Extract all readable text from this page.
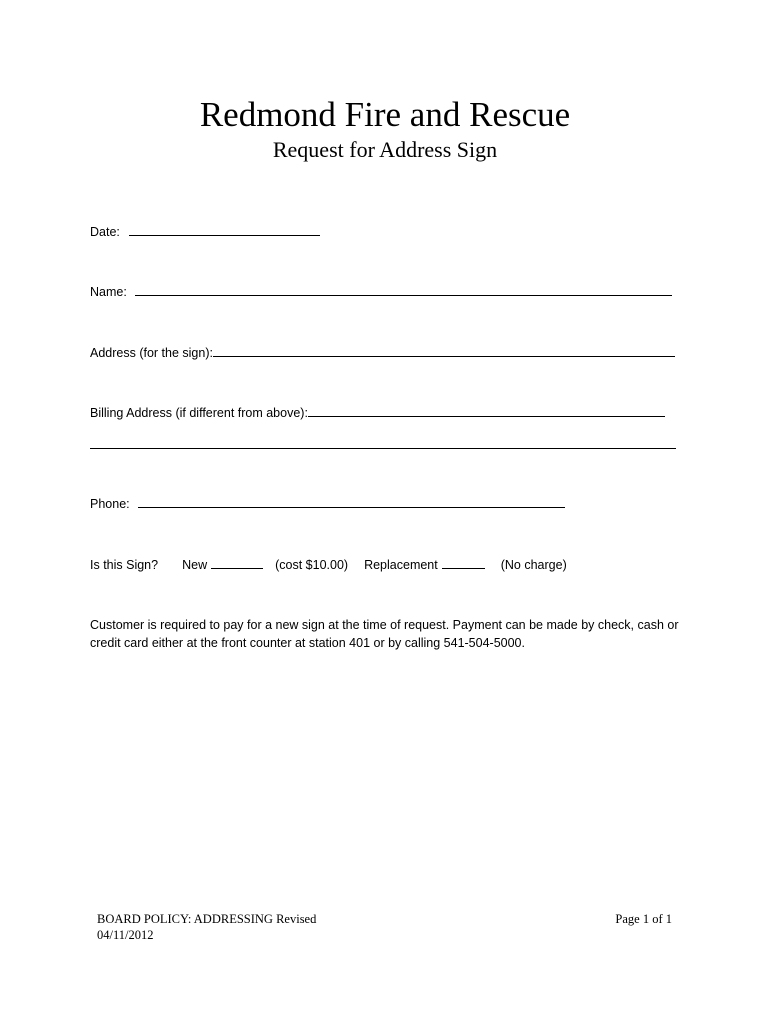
Redmond Fire and Rescue
Request for Address Sign
Date:
Name:
Address (for the sign):
Billing Address (if different from above):
Phone:
Is this Sign? New	(cost $10.00) Replacement	(No charge)
Customer is required to pay for a new sign at the time of request. Payment can be made by check, cash or credit card either at the front counter at station 401 or by calling 541-504-5000.
BOARD POLICY: ADDRESSING Revised
04/11/2012
Page 1 of 1
